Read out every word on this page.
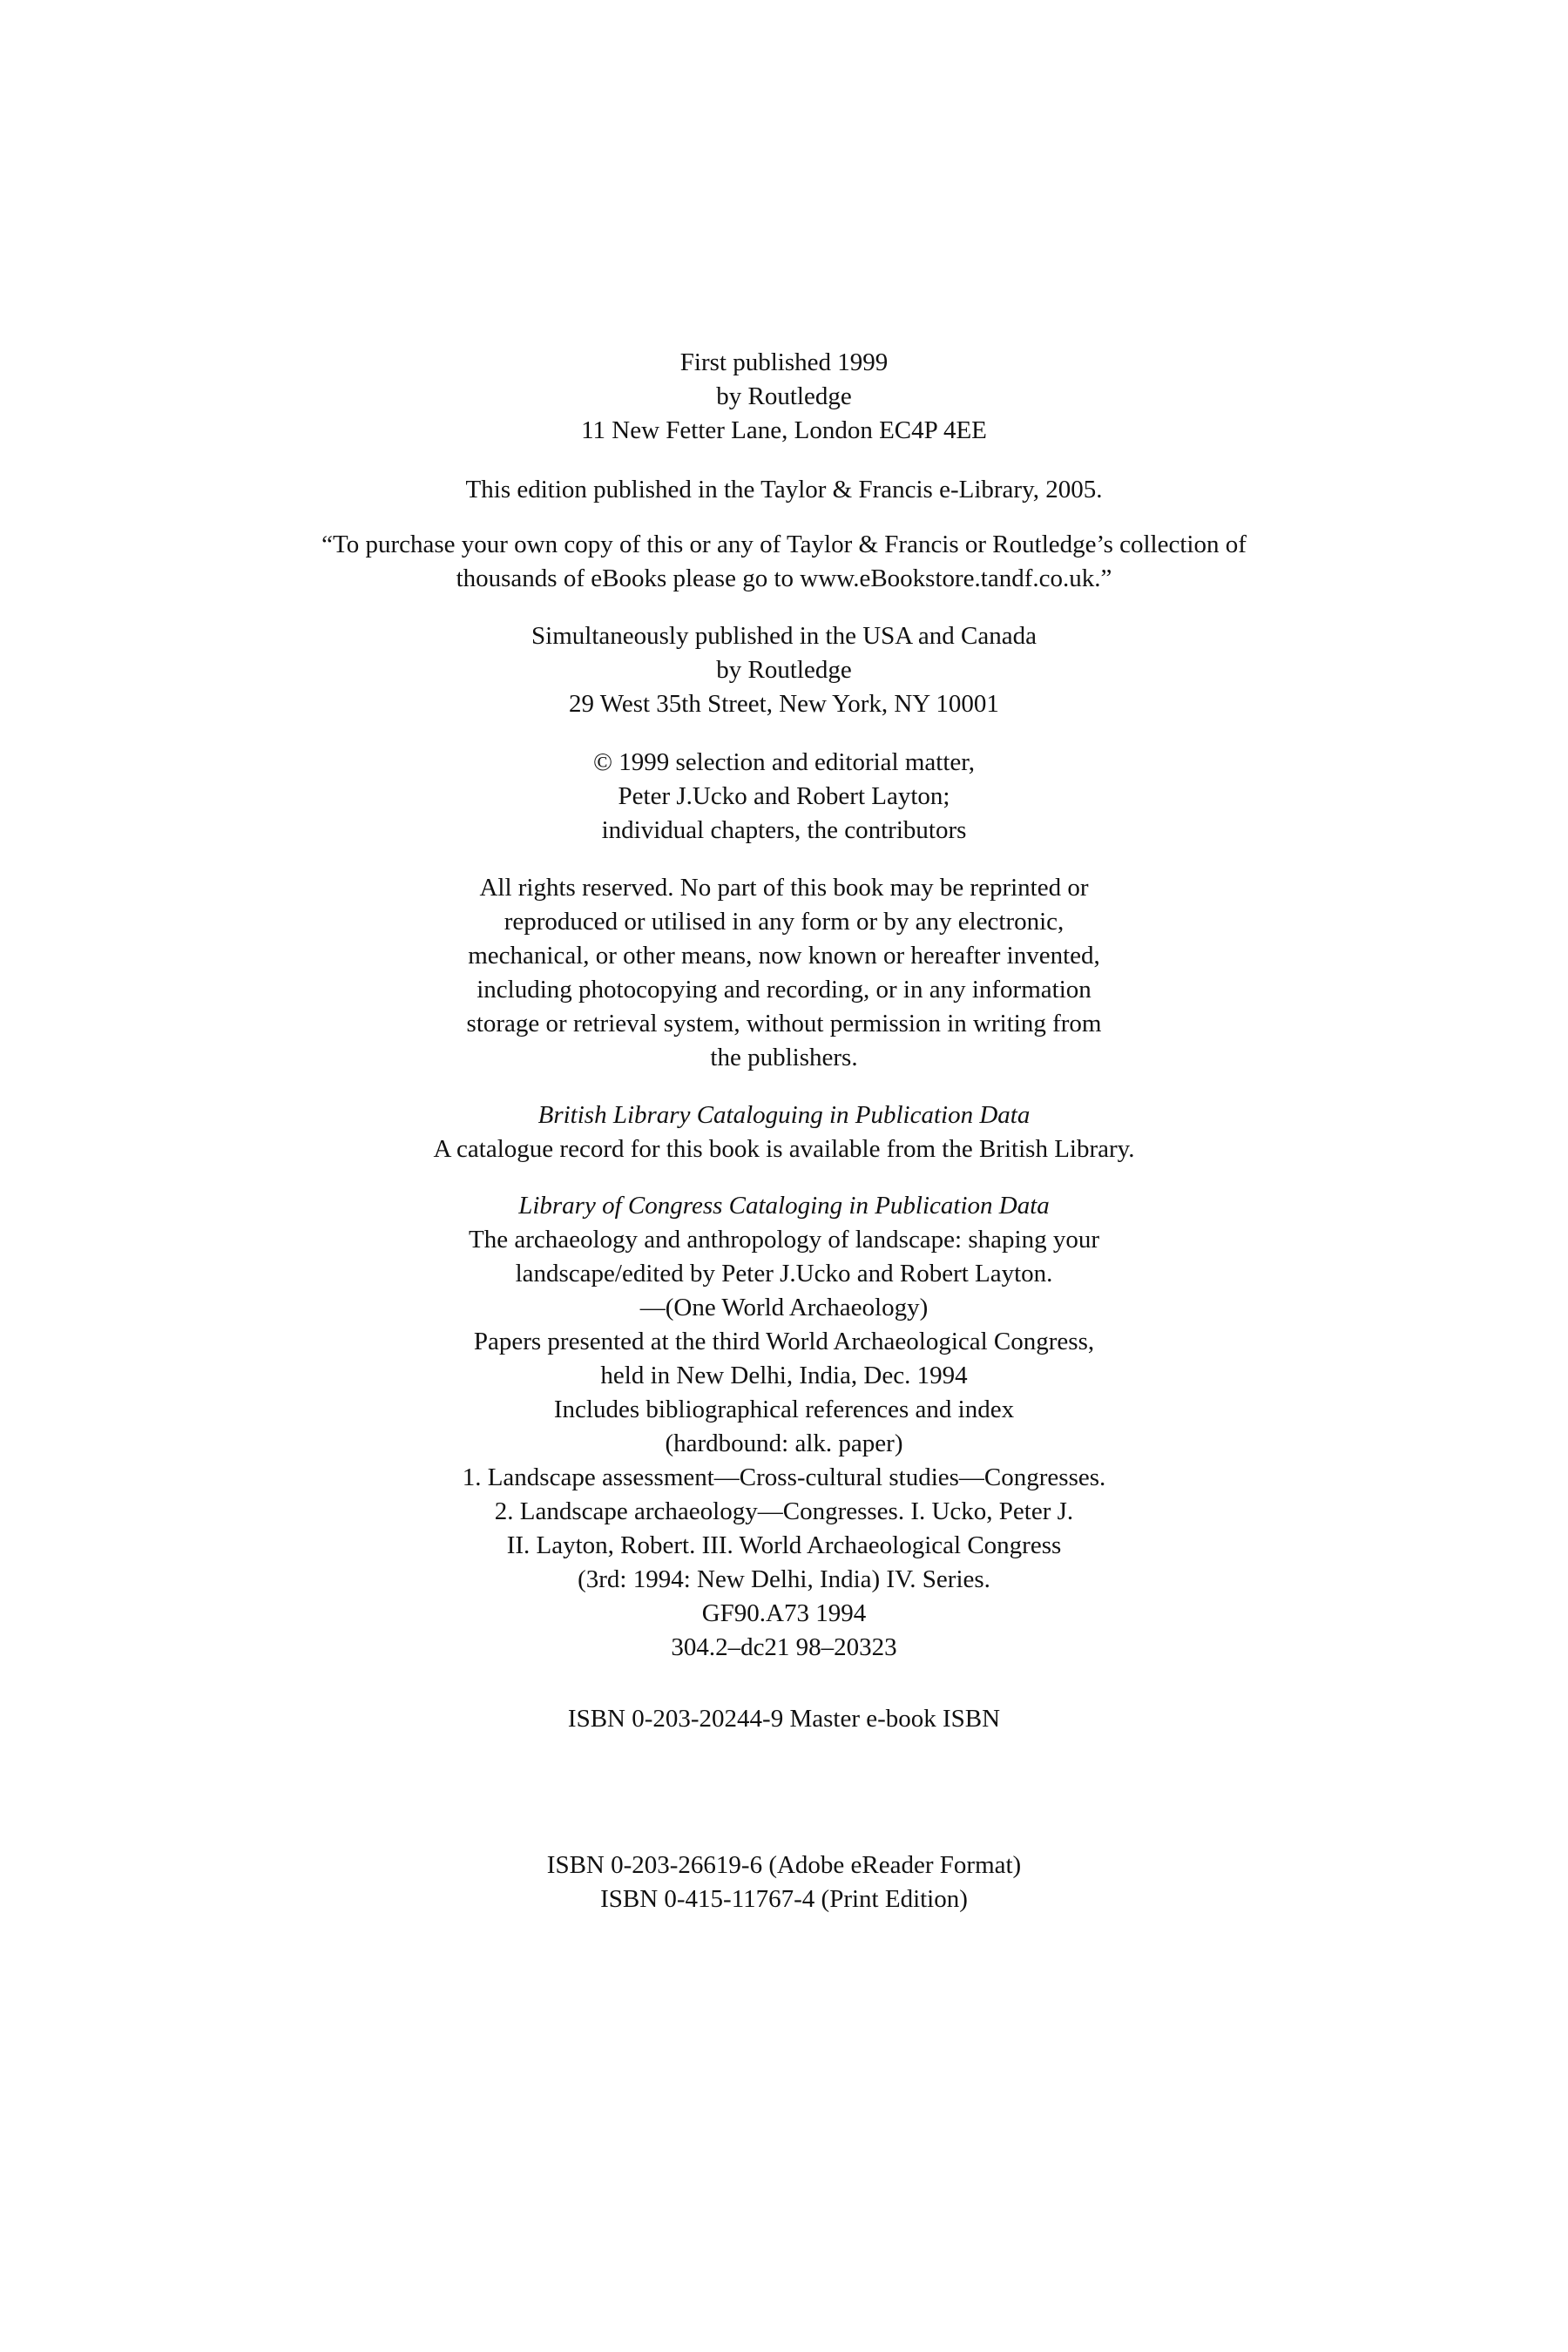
First published 1999
by Routledge
11 New Fetter Lane, London EC4P 4EE
This edition published in the Taylor & Francis e-Library, 2005.
“To purchase your own copy of this or any of Taylor & Francis or Routledge’s collection of
thousands of eBooks please go to www.eBookstore.tandf.co.uk.”
Simultaneously published in the USA and Canada
by Routledge
29 West 35th Street, New York, NY 10001
© 1999 selection and editorial matter,
Peter J.Ucko and Robert Layton;
individual chapters, the contributors
All rights reserved. No part of this book may be reprinted or
reproduced or utilised in any form or by any electronic,
mechanical, or other means, now known or hereafter invented,
including photocopying and recording, or in any information
storage or retrieval system, without permission in writing from
the publishers.
British Library Cataloguing in Publication Data
A catalogue record for this book is available from the British Library.
Library of Congress Cataloging in Publication Data
The archaeology and anthropology of landscape: shaping your
landscape/edited by Peter J.Ucko and Robert Layton.
—(One World Archaeology)
Papers presented at the third World Archaeological Congress,
held in New Delhi, India, Dec. 1994
Includes bibliographical references and index
(hardbound: alk. paper)
1. Landscape assessment—Cross-cultural studies—Congresses.
2. Landscape archaeology—Congresses. I. Ucko, Peter J.
II. Layton, Robert. III. World Archaeological Congress
(3rd: 1994: New Delhi, India) IV. Series.
GF90.A73 1994
304.2–dc21 98–20323
ISBN 0-203-20244-9 Master e-book ISBN
ISBN 0-203-26619-6 (Adobe eReader Format)
ISBN 0-415-11767-4 (Print Edition)
